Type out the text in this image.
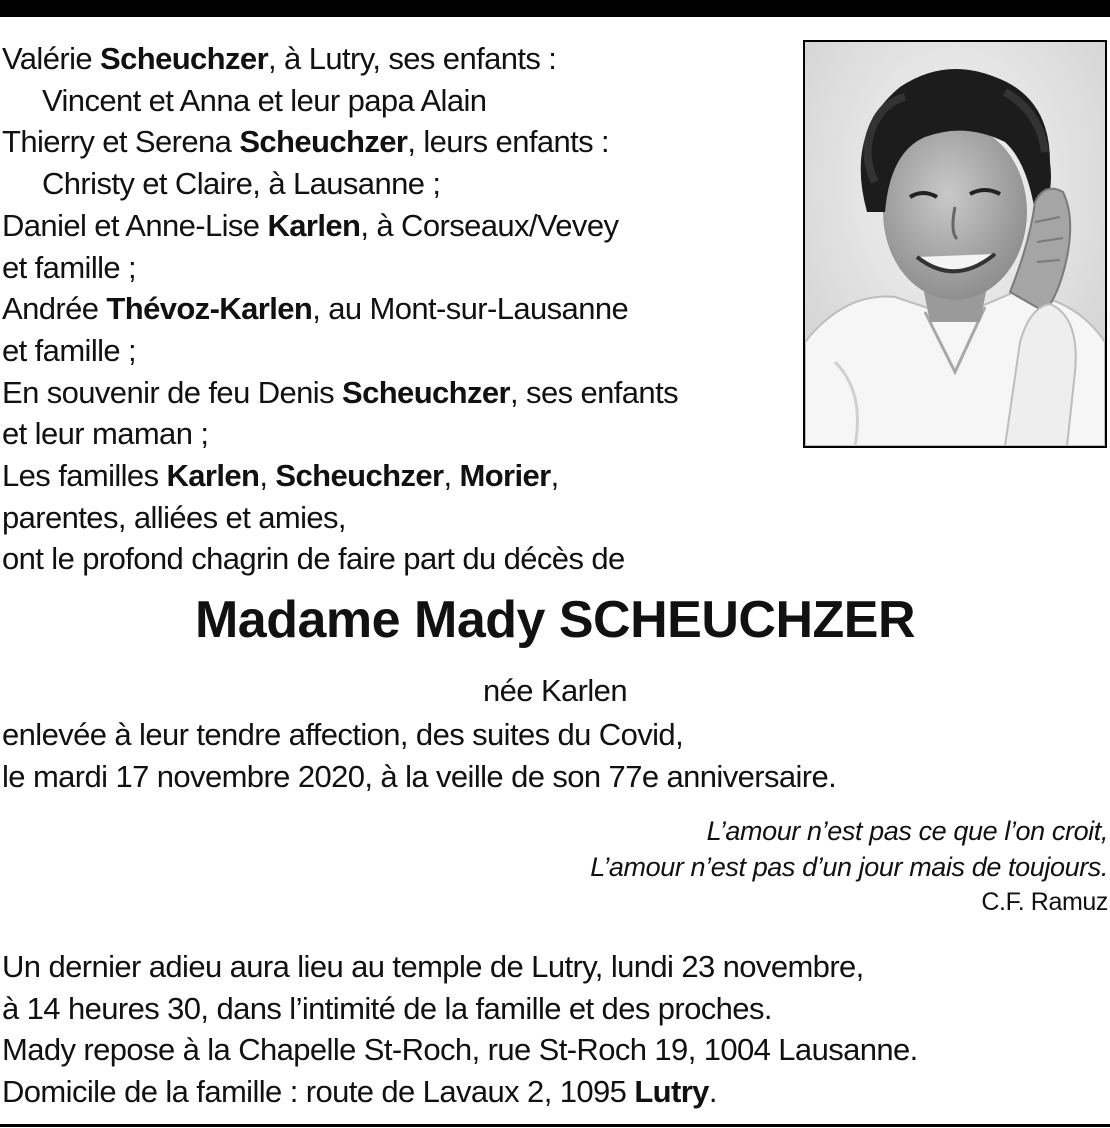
Valérie Scheuchzer, à Lutry, ses enfants :
Vincent et Anna et leur papa Alain
Thierry et Serena Scheuchzer, leurs enfants :
Christy et Claire, à Lausanne ;
Daniel et Anne-Lise Karlen, à Corseaux/Vevey
et famille ;
Andrée Thévoz-Karlen, au Mont-sur-Lausanne
et famille ;
En souvenir de feu Denis Scheuchzer, ses enfants
et leur maman ;
Les familles Karlen, Scheuchzer, Morier,
parentes, alliées et amies,
ont le profond chagrin de faire part du décès de
Madame Mady SCHEUCHZER
née Karlen
enlevée à leur tendre affection, des suites du Covid,
le mardi 17 novembre 2020, à la veille de son 77e anniversaire.
L’amour n’est pas ce que l’on croit,
L’amour n’est pas d’un jour mais de toujours.
C.F. Ramuz
Un dernier adieu aura lieu au temple de Lutry, lundi 23 novembre,
à 14 heures 30, dans l’intimité de la famille et des proches.
Mady repose à la Chapelle St-Roch, rue St-Roch 19, 1004 Lausanne.
Domicile de la famille : route de Lavaux 2, 1095 Lutry.
